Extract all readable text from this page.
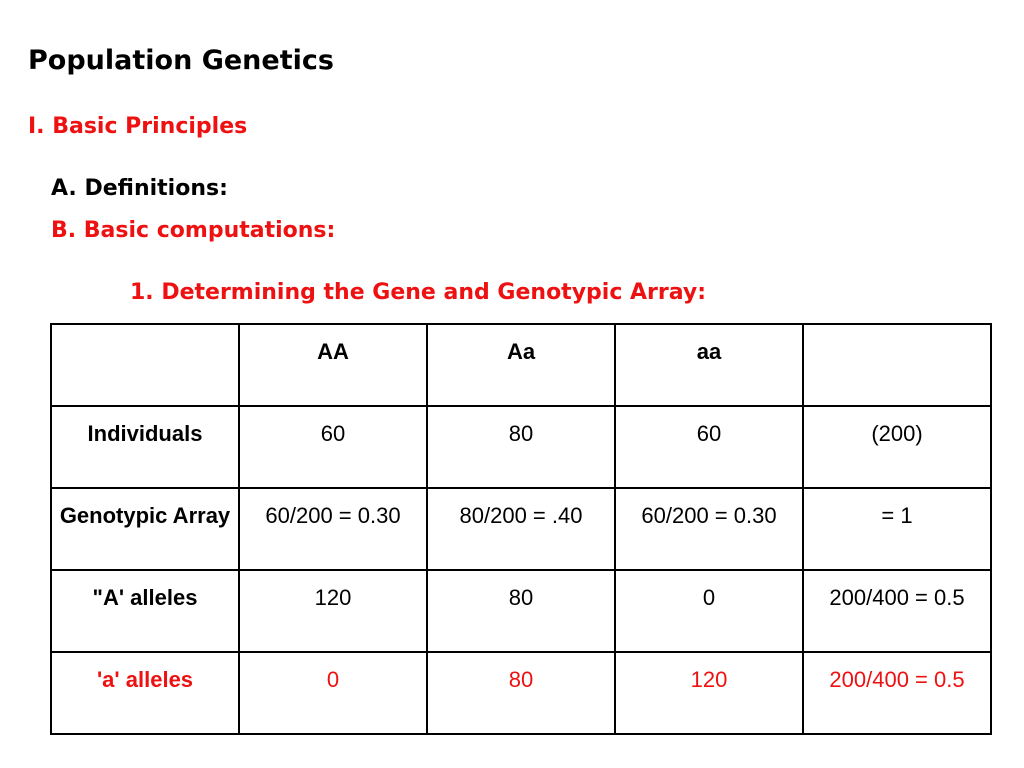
Population Genetics
I. Basic Principles
A. Definitions:
B. Basic computations:
1. Determining the Gene and Genotypic Array:
	AA	Aa	aa	
Individuals	60	80	60	(200)
Genotypic Array	60/200 = 0.30	80/200 = .40	60/200 = 0.30	= 1
"A' alleles	120	80	0	200/400 = 0.5
'a' alleles	0	80	120	200/400 = 0.5
